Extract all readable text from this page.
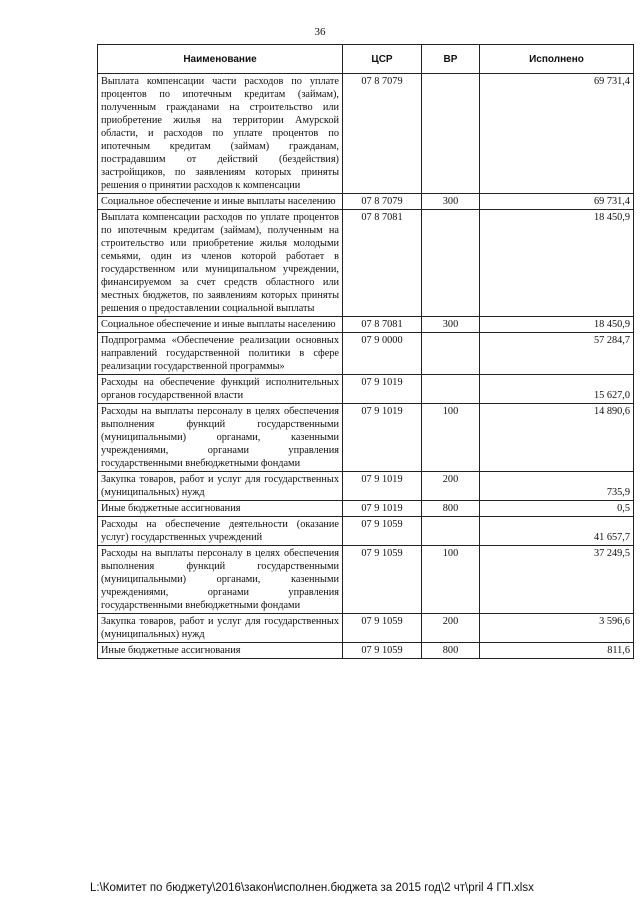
36
Наименование	ЦСР	ВР	Исполнено
Выплата компенсации части расходов по уплате процентов по ипотечным кредитам (займам), полученным гражданами на строительство или приобретение жилья на территории Амурской области, и расходов по уплате процентов по ипотечным кредитам (займам) гражданам, пострадавшим от действий (бездействия) застройщиков, по заявлениям которых приняты решения о принятии расходов к компенсации	07 8 7079		69 731,4
Социальное обеспечение и иные выплаты населению	07 8 7079	300	69 731,4
Выплата компенсации расходов по уплате процентов по ипотечным кредитам (займам), полученным на строительство или приобретение жилья молодыми семьями, один из членов которой работает в государственном или муниципальном учреждении, финансируемом за счет средств областного или местных бюджетов, по заявлениям которых приняты решения о предоставлении социальной выплаты	07 8 7081		18 450,9
Социальное обеспечение и иные выплаты населению	07 8 7081	300	18 450,9
Подпрограмма «Обеспечение реализации основных направлений государственной политики в сфере реализации государственной программы»	07 9 0000		57 284,7
Расходы на обеспечение функций исполнительных органов государственной власти	07 9 1019		15 627,0
Расходы на выплаты персоналу в целях обеспечения выполнения функций государственными (муниципальными) органами, казенными учреждениями, органами управления государственными внебюджетными фондами	07 9 1019	100	14 890,6
Закупка товаров, работ и услуг для государственных (муниципальных) нужд	07 9 1019	200	735,9
Иные бюджетные ассигнования	07 9 1019	800	0,5
Расходы на обеспечение деятельности (оказание услуг) государственных учреждений	07 9 1059		41 657,7
Расходы на выплаты персоналу в целях обеспечения выполнения функций государственными (муниципальными) органами, казенными учреждениями, органами управления государственными внебюджетными фондами	07 9 1059	100	37 249,5
Закупка товаров, работ и услуг для государственных (муниципальных) нужд	07 9 1059	200	3 596,6
Иные бюджетные ассигнования	07 9 1059	800	811,6
L:\Комитет по бюджету\2016\закон\исполнен.бюджета за 2015 год\2 чт\pril 4 ГП.xlsx
